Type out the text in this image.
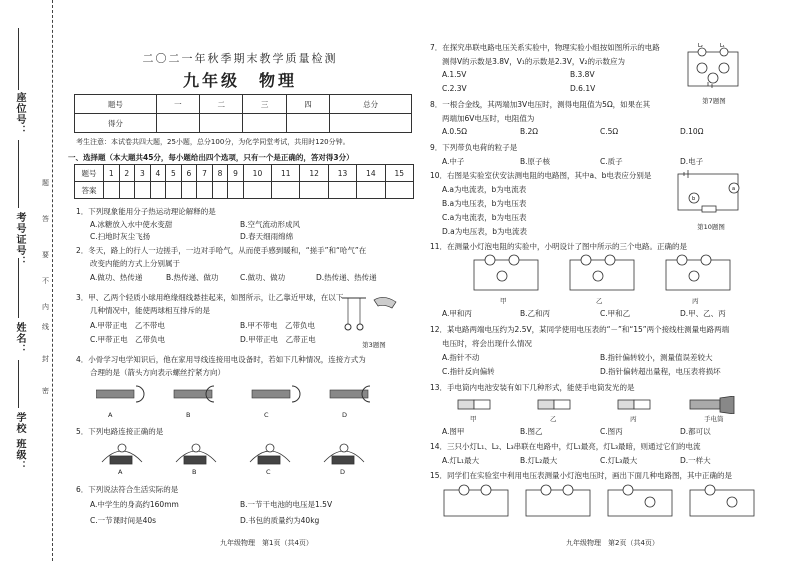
座位号：
考号证号：
姓名：
学校 班级：
题
答
要
不
内
线
封
密
二〇二一年秋季期末教学质量检测
九年级　物理
题号	一	二	三	四	总分
得分					
考生注意：本试卷共四大题，25小题，总分100分，为化学同堂考试，共用时120分钟。
一、选择题（本大题共45分，每小题给出四个选项，只有一个是正确的，答对得3分）
题号	1	2	3	4	5	6	7	8	9	10	11	12	13	14	15
答案															
1．下列现象能用分子热运动理论解释的是
A.冰糖放入水中使水变甜	B.空气流动形成风
C.扫地时灰尘飞扬	D.春天细雨绵绵
2．冬天，路上的行人一边搓手，一边对手哈气，从而使手感到暖和，“搓手”和“哈气”在
改变内能的方式上分别属于
A.做功、热传递	B.热传递、做功	C.做功、做功	D.热传递、热传递
3．甲、乙两个轻质小球用绝缘细线悬挂起来，如图所示，让乙靠近甲球，在以下
几种情况中，能使两球相互排斥的是
A.甲带正电　乙不带电	B.甲不带电　乙带负电
C.甲带正电　乙带负电	D.甲带正电　乙带正电
第3题图
4．小骨学习电学知识后，他在家用导线连接用电设备时，若如下几种情况，连接方式为
合理的是（箭头方向表示螺丝拧紧方向）
A	B	C	D
5．下列电路连接正确的是
A	B	C	D
6．下列说法符合生活实际的是
A.中学生的身高约160mm	B.一节干电池的电压是1.5V
C.一节课时间是40s	D.书包的质量约为40kg
九年级物理　第1页（共4页）
7．在探究串联电路电压关系实验中，物理实验小组按如图所示的电路
测得V的示数是3.8V，V₁的示数是2.3V，V₂的示数应为
A.1.5V	B.3.8V
C.2.3V	D.6.1V
L₂	L₁
第7题图
8．一根合金线，其两端加3V电压时，测得电阻值为5Ω，如果在其
两端加6V电压时，电阻值为
A.0.5Ω	B.2Ω	C.5Ω	D.10Ω
9．下列带负电荷的粒子是
A.中子	B.原子核	C.质子	D.电子
10．右图是实验室伏安法测电阻的电路图，其中a、b电表应分别是
A.a为电流表，b为电流表
B.a为电压表，b为电压表
C.a为电流表，b为电压表
D.a为电压表，b为电流表
a
b
第10题图
11．在测量小灯泡电阻的实验中，小明设计了图中所示的三个电路。正确的是
甲	乙	丙
A.甲和丙	B.乙和丙	C.甲和乙	D.甲、乙、丙
12．某电路两端电压约为2.5V，某同学使用电压表的“－”和“15”两个接线柱测量电路两端
电压时，将会出现什么情况
A.指针不动	B.指针偏转较小，测量值误差较大
C.指针反向偏转	D.指针偏转超出量程，电压表将损坏
13．手电筒内电池安装有如下几种形式，能使手电筒发光的是
甲	乙	丙	手电筒
A.图甲	B.图乙	C.图丙	D.都可以
14．三只小灯L₁、L₂、L₃串联在电路中，灯L₁最亮，灯L₃最暗，则通过它们的电流
A.灯L₁最大	B.灯L₂最大	C.灯L₃最大	D.一样大
15．同学们在实验室中利用电压表测量小灯泡电压时，画出下面几种电路图，其中正确的是
九年级物理　第2页（共4页）
